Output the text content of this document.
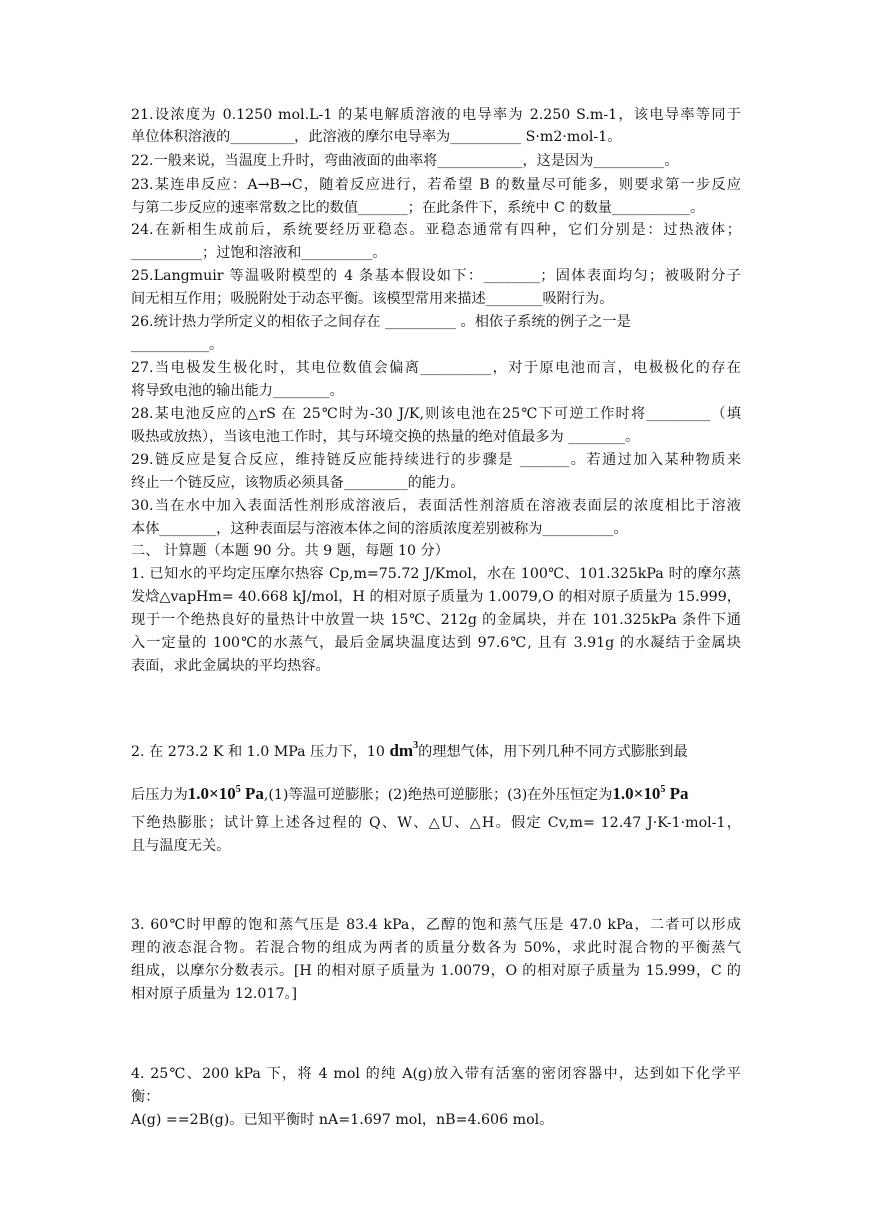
21.设浓度为 0.1250 mol.L-1 的某电解质溶液的电导率为 2.250 S.m-1，该电导率等同于
单位体积溶液的_________，此溶液的摩尔电导率为__________ S·m2·mol-1。
22.一般来说，当温度上升时，弯曲液面的曲率将____________，这是因为__________。
23.某连串反应：A→B→C，随着反应进行，若希望 B 的数量尽可能多，则要求第一步反应
与第二步反应的速率常数之比的数值_______；在此条件下，系统中 C 的数量___________。
24.在新相生成前后，系统要经历亚稳态。亚稳态通常有四种，它们分别是：过热液体；
__________；过饱和溶液和__________。
25.Langmuir 等温吸附模型的 4 条基本假设如下：________；固体表面均匀；被吸附分子
间无相互作用；吸脱附处于动态平衡。该模型常用来描述________吸附行为。
26.统计热力学所定义的相依子之间存在 __________ 。相依子系统的例子之一是
___________。
27.当电极发生极化时，其电位数值会偏离__________，对于原电池而言，电极极化的存在
将导致电池的输出能力________。
28.某电池反应的△rS 在 25℃时为-30 J/K,则该电池在25℃下可逆工作时将_________（填
吸热或放热），当该电池工作时，其与环境交换的热量的绝对值最多为 ________。
29.链反应是复合反应，维持链反应能持续进行的步骤是 _______。若通过加入某种物质来
终止一个链反应，该物质必须具备_________的能力。
30.当在水中加入表面活性剂形成溶液后，表面活性剂溶质在溶液表面层的浓度相比于溶液
本体________，这种表面层与溶液本体之间的溶质浓度差别被称为__________。
二、 计算题（本题 90 分。共 9 题，每题 10 分）
1. 已知水的平均定压摩尔热容 Cp,m=75.72 J/Kmol，水在 100℃、101.325kPa 时的摩尔蒸
发焓△vapHm= 40.668 kJ/mol，H 的相对原子质量为 1.0079,O 的相对原子质量为 15.999，
现于一个绝热良好的量热计中放置一块 15℃、212g 的金属块，并在 101.325kPa 条件下通
入一定量的 100℃的水蒸气，最后金属块温度达到 97.6℃, 且有 3.91g 的水凝结于金属块
表面，求此金属块的平均热容。
2. 在 273.2 K 和 1.0 MPa 压力下，10 $dm^3$的理想气体，用下列几种不同方式膨胀到最
后压力为$1.0\times 10^5$ Pa,(1)等温可逆膨胀；(2)绝热可逆膨胀；(3)在外压恒定为$1.0\times 10^5$ Pa
下绝热膨胀；试计算上述各过程的 Q、W、△U、△H。假定 Cv,m= 12.47 J·K-1·mol-1，
且与温度无关。
3. 60℃时甲醇的饱和蒸气压是 83.4 kPa，乙醇的饱和蒸气压是 47.0 kPa，二者可以形成
理的液态混合物。若混合物的组成为两者的质量分数各为 50%，求此时混合物的平衡蒸气
组成，以摩尔分数表示。[H 的相对原子质量为 1.0079，O 的相对原子质量为 15.999，C 的
相对原子质量为 12.017。]
4. 25℃、200 kPa 下，将 4 mol 的纯 A(g)放入带有活塞的密闭容器中，达到如下化学平
衡：
A(g) ==2B(g)。已知平衡时 nA=1.697 mol，nB=4.606 mol。
